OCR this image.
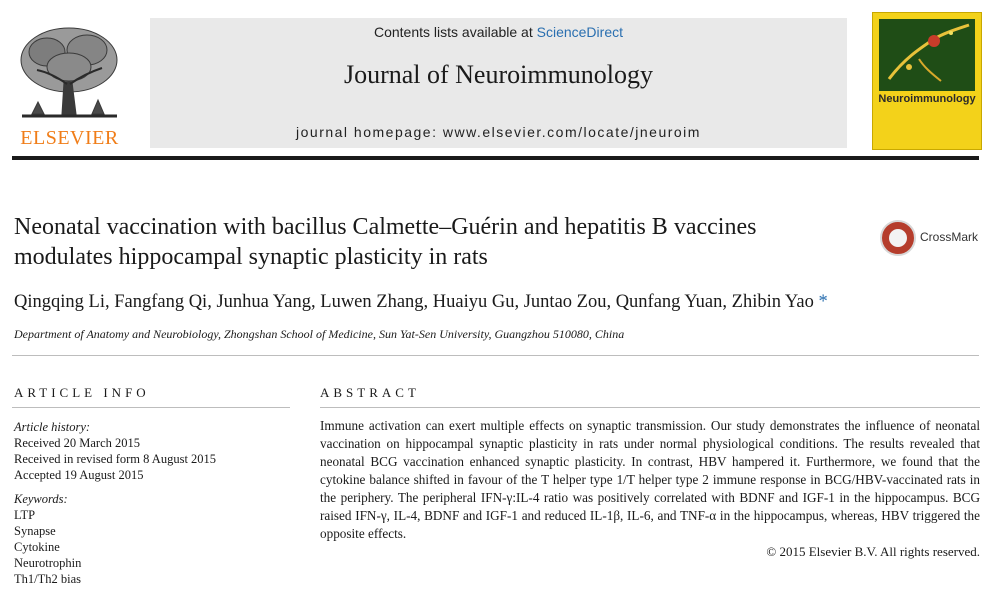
ELSEVIER
Contents lists available at ScienceDirect
Journal of Neuroimmunology
journal homepage: www.elsevier.com/locate/jneuroim
Neuroimmunology
Neonatal vaccination with bacillus Calmette–Guérin and hepatitis B vaccines modulates hippocampal synaptic plasticity in rats
CrossMark
Qingqing Li, Fangfang Qi, Junhua Yang, Luwen Zhang, Huaiyu Gu, Juntao Zou, Qunfang Yuan, Zhibin Yao *
Department of Anatomy and Neurobiology, Zhongshan School of Medicine, Sun Yat-Sen University, Guangzhou 510080, China
ARTICLE INFO
Article history:
Received 20 March 2015
Received in revised form 8 August 2015
Accepted 19 August 2015
Keywords:
LTP
Synapse
Cytokine
Neurotrophin
Th1/Th2 bias
ABSTRACT
Immune activation can exert multiple effects on synaptic transmission. Our study demonstrates the influence of neonatal vaccination on hippocampal synaptic plasticity in rats under normal physiological conditions. The results revealed that neonatal BCG vaccination enhanced synaptic plasticity. In contrast, HBV hampered it. Furthermore, we found that the cytokine balance shifted in favour of the T helper type 1/T helper type 2 immune response in BCG/HBV-vaccinated rats in the periphery. The peripheral IFN-γ:IL-4 ratio was positively correlated with BDNF and IGF-1 in the hippocampus. BCG raised IFN-γ, IL-4, BDNF and IGF-1 and reduced IL-1β, IL-6, and TNF-α in the hippocampus, whereas, HBV triggered the opposite effects.
© 2015 Elsevier B.V. All rights reserved.
